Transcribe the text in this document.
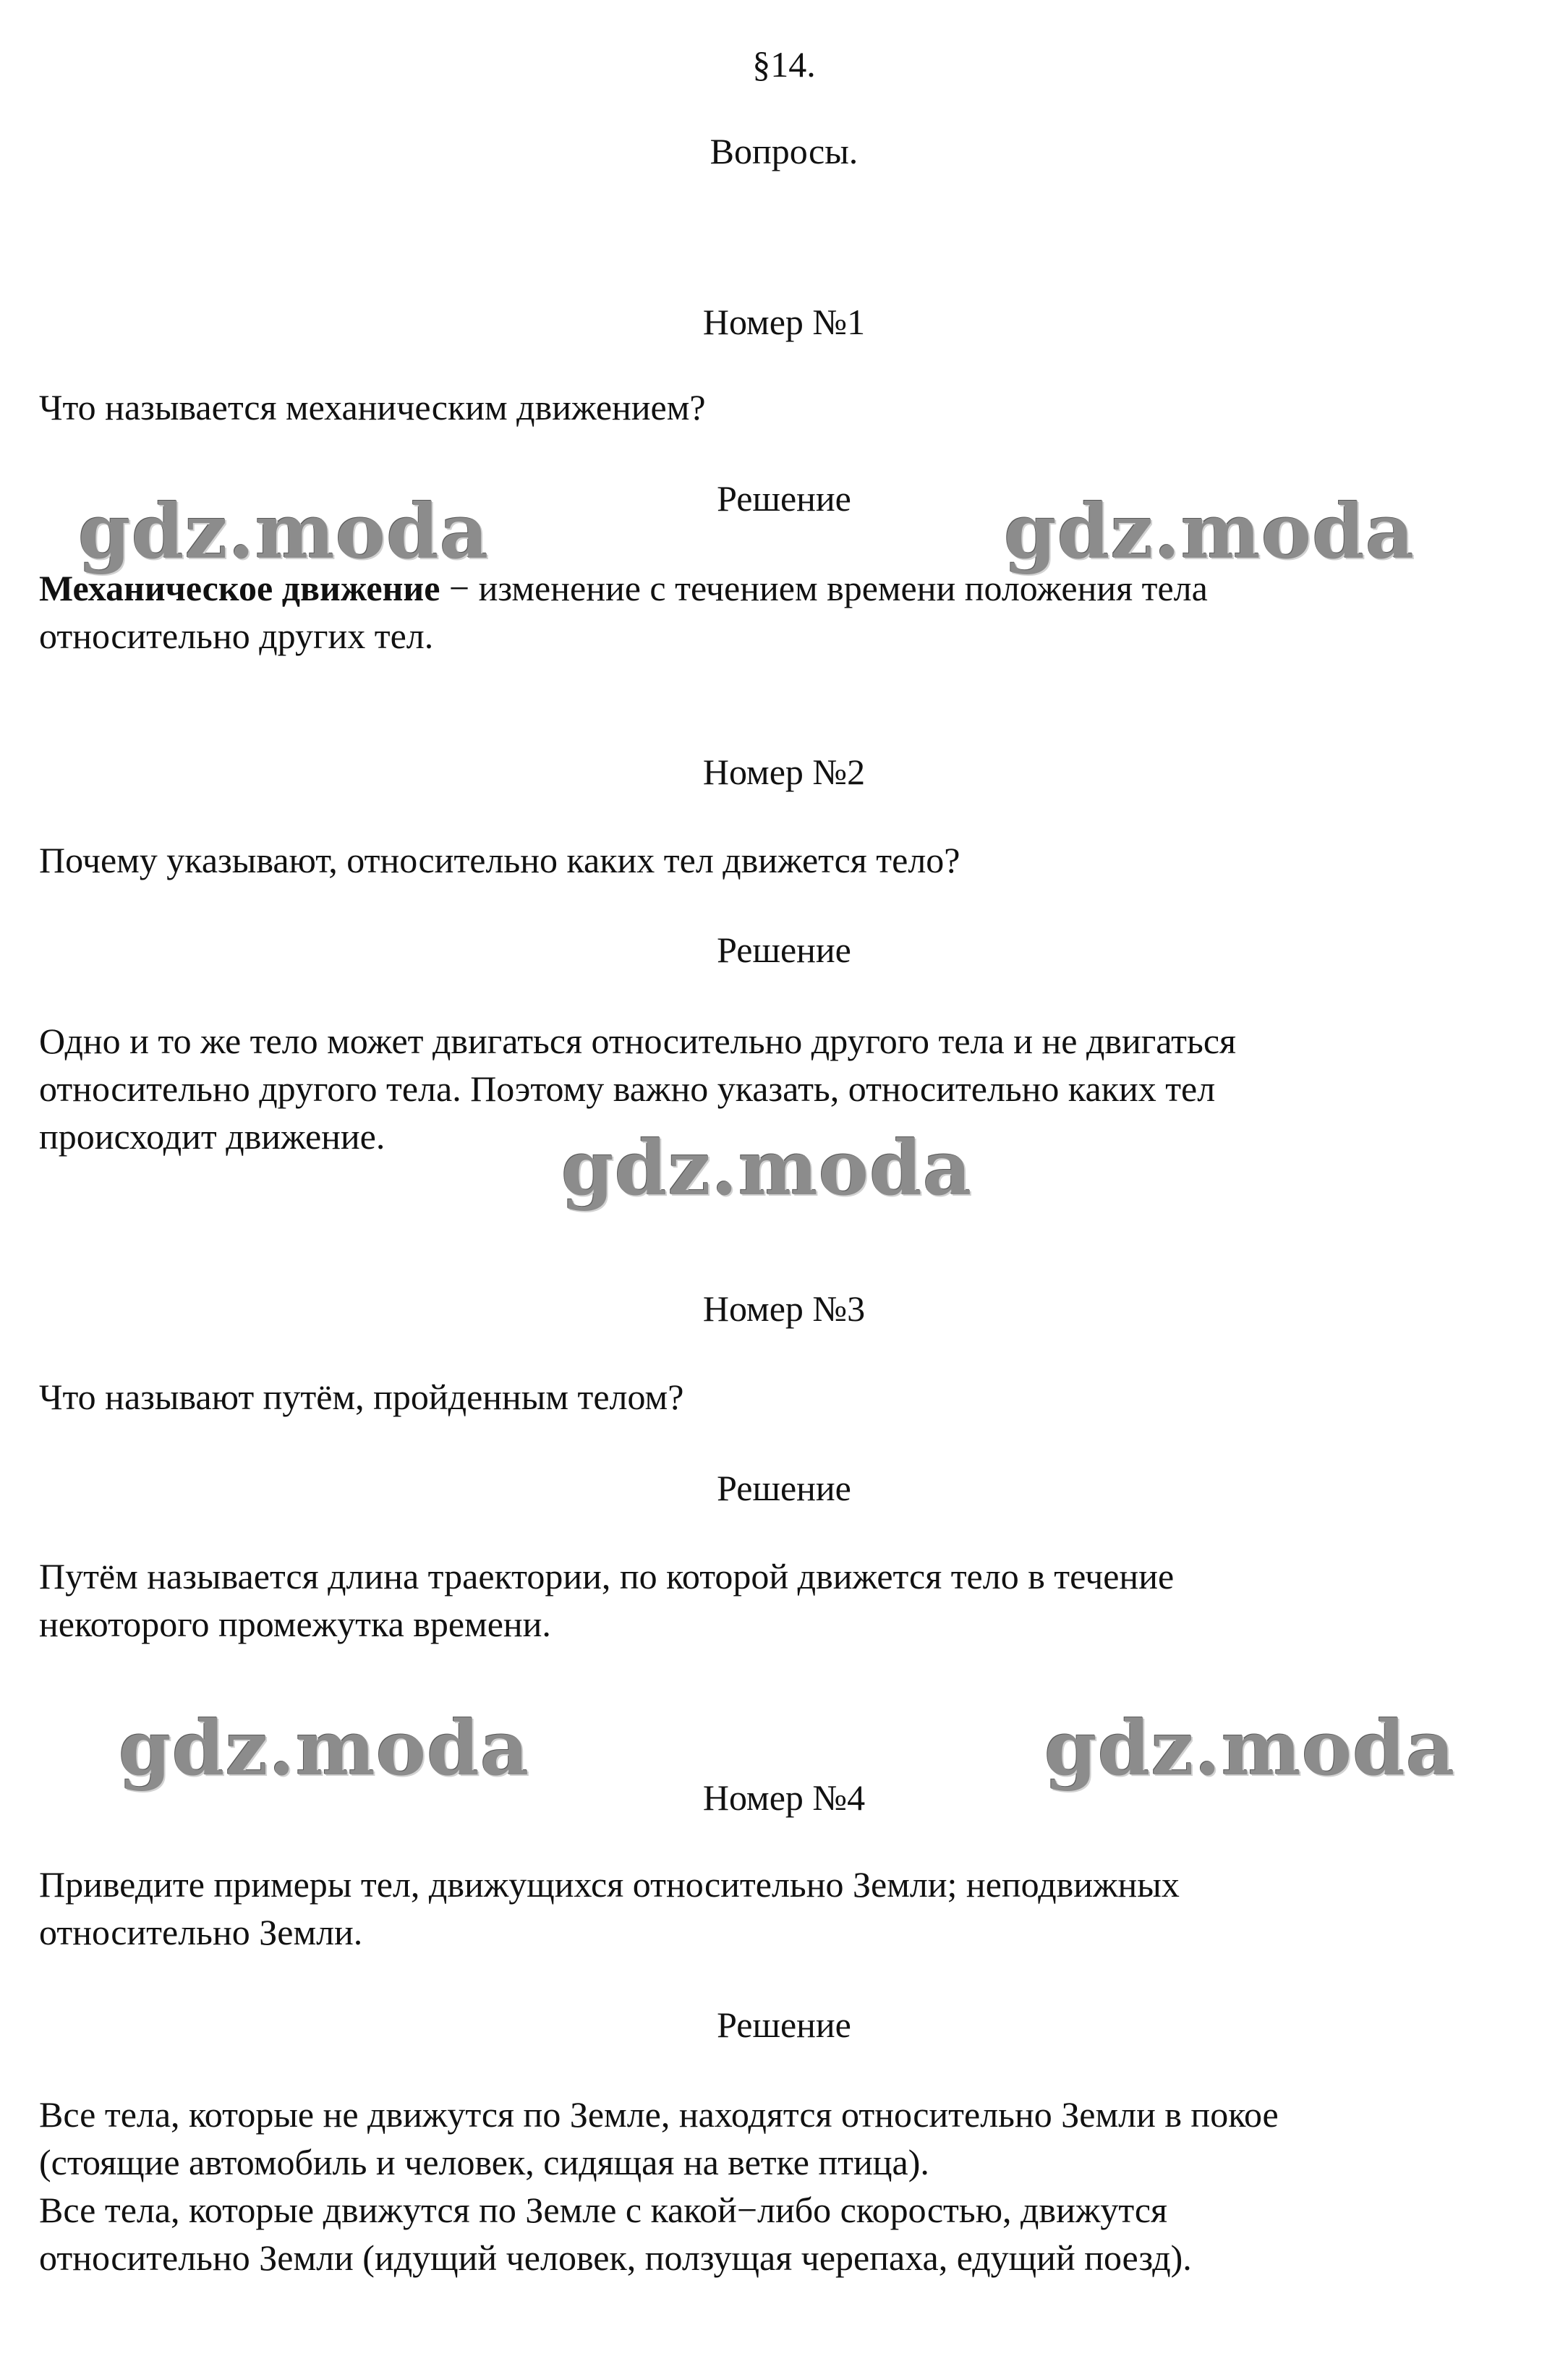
gdz.moda	gdz.moda
gdz.moda
gdz.moda	gdz.moda
§14.
Вопросы.
Номер №1
Что называется механическим движением?
Решение
Механическое движение − изменение с течением времени положения тела
относительно других тел.
Номер №2
Почему указывают, относительно каких тел движется тело?
Решение
Одно и то же тело может двигаться относительно другого тела и не двигаться
относительно другого тела. Поэтому важно указать, относительно каких тел
происходит движение.
Номер №3
Что называют путём, пройденным телом?
Решение
Путём называется длина траектории, по которой движется тело в течение
некоторого промежутка времени.
Номер №4
Приведите примеры тел, движущихся относительно Земли; неподвижных
относительно Земли.
Решение
Все тела, которые не движутся по Земле, находятся относительно Земли в покое
(стоящие автомобиль и человек, сидящая на ветке птица).
Все тела, которые движутся по Земле с какой−либо скоростью, движутся
относительно Земли (идущий человек, ползущая черепаха, едущий поезд).
